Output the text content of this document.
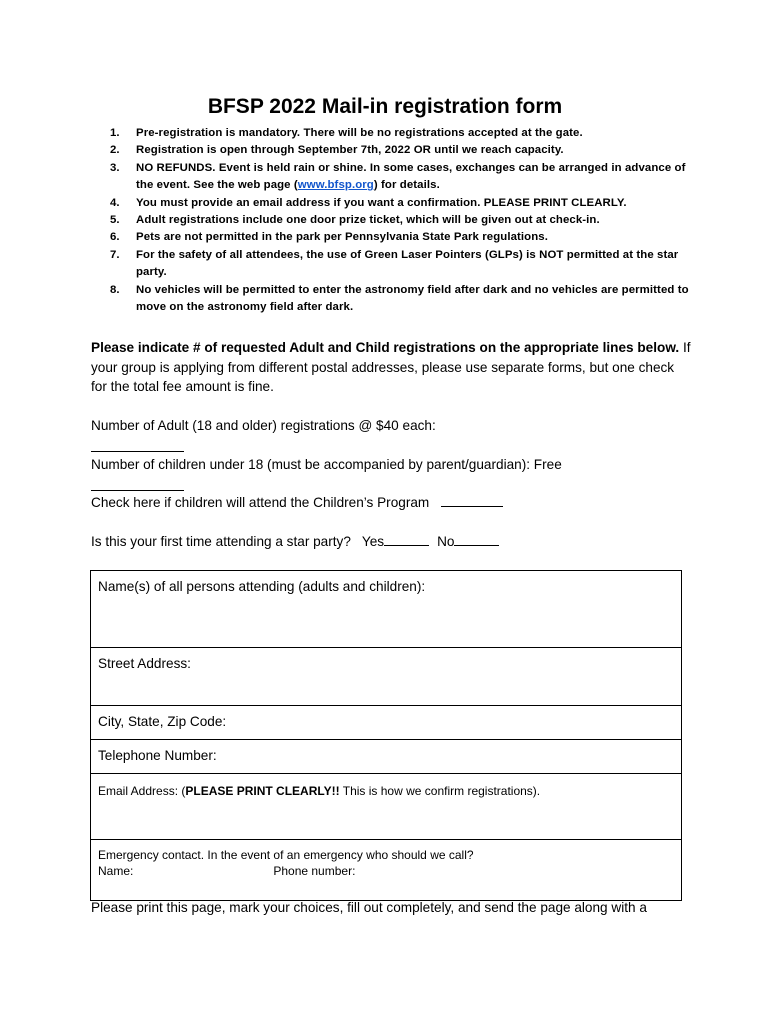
BFSP 2022 Mail-in registration form
1. Pre-registration is mandatory. There will be no registrations accepted at the gate.
2. Registration is open through September 7th, 2022 OR until we reach capacity.
3. NO REFUNDS. Event is held rain or shine. In some cases, exchanges can be arranged in advance of the event. See the web page (www.bfsp.org) for details.
4. You must provide an email address if you want a confirmation. PLEASE PRINT CLEARLY.
5. Adult registrations include one door prize ticket, which will be given out at check-in.
6. Pets are not permitted in the park per Pennsylvania State Park regulations.
7. For the safety of all attendees, the use of Green Laser Pointers (GLPs) is NOT permitted at the star party.
8. No vehicles will be permitted to enter the astronomy field after dark and no vehicles are permitted to move on the astronomy field after dark.
Please indicate # of requested Adult and Child registrations on the appropriate lines below. If your group is applying from different postal addresses, please use separate forms, but one check for the total fee amount is fine.
Number of Adult (18 and older) registrations @ $40 each:
Number of children under 18 (must be accompanied by parent/guardian): Free
Check here if children will attend the Children’s Program
Is this your first time attending a star party? Yes	No
Name(s) of all persons attending (adults and children):
Street Address:
City, State, Zip Code:
Telephone Number:
Email Address: (PLEASE PRINT CLEARLY!! This is how we confirm registrations).

Emergency contact. In the event of an emergency who should we call?
Name:	Phone number:
Please print this page, mark your choices, fill out completely, and send the page along with a
